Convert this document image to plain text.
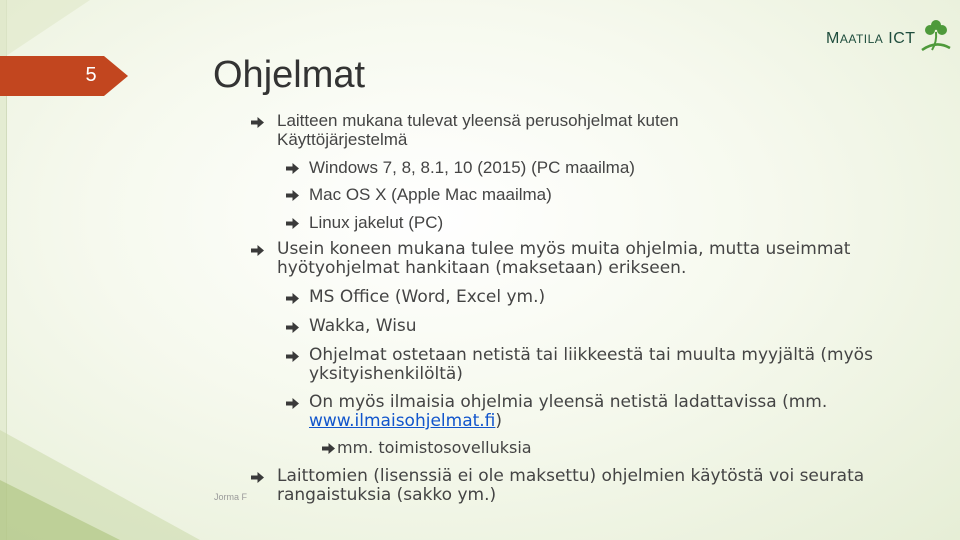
5	Ohjelmat
MAATILA ICT
Jorma F
Laitteen mukana tulevat yleensä perusohjelmat kuten
Käyttöjärjestelmä
Windows 7, 8, 8.1, 10 (2015) (PC maailma)
Mac OS X (Apple Mac maailma)
Linux jakelut (PC)
Usein koneen mukana tulee myös muita ohjelmia, mutta useimmat
hyötyohjelmat hankitaan (maksetaan) erikseen.
MS Office (Word, Excel ym.)
Wakka, Wisu
Ohjelmat ostetaan netistä tai liikkeestä tai muulta myyjältä (myös
yksityishenkilöltä)
On myös ilmaisia ohjelmia yleensä netistä ladattavissa (mm.
www.ilmaisohjelmat.fi)
mm. toimistosovelluksia
Laittomien (lisenssiä ei ole maksettu) ohjelmien käytöstä voi seurata
rangaistuksia (sakko ym.)
